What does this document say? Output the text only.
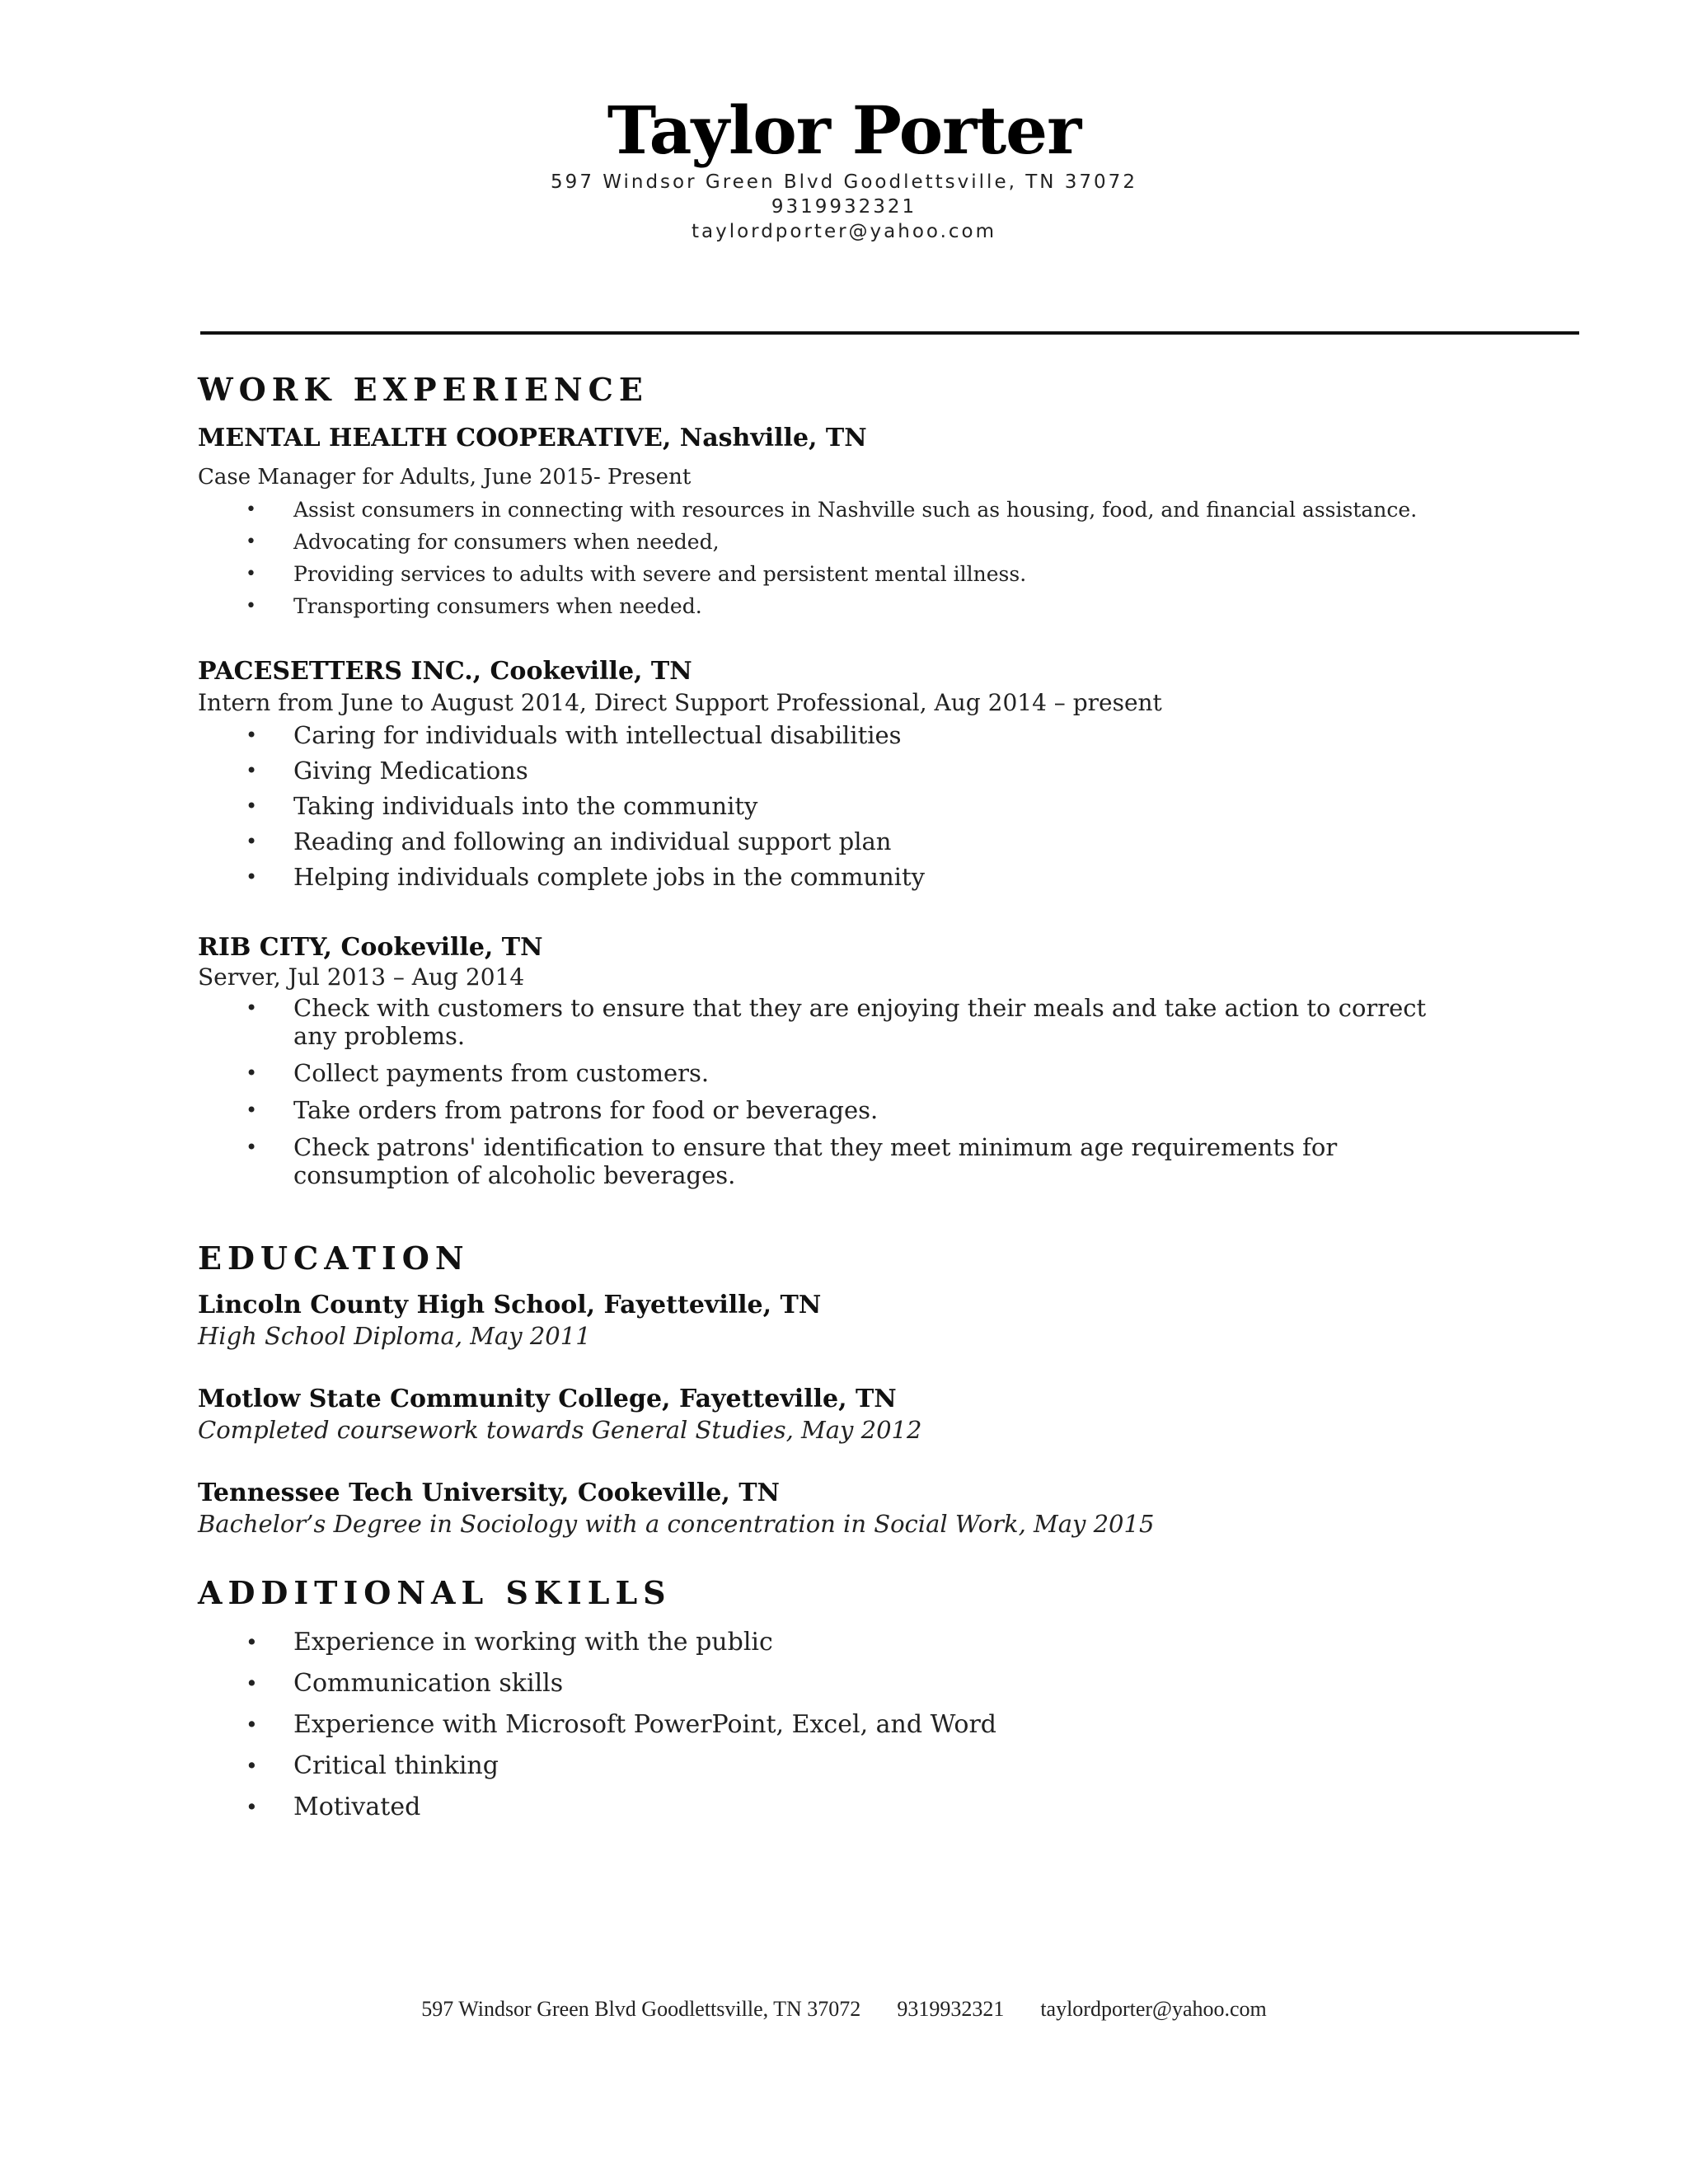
Taylor Porter
597 Windsor Green Blvd Goodlettsville, TN 37072
9319932321
taylordporter@yahoo.com
WORK EXPERIENCE
MENTAL HEALTH COOPERATIVE, Nashville, TN
Case Manager for Adults, June 2015- Present
• Assist consumers in connecting with resources in Nashville such as housing, food, and financial assistance.
• Advocating for consumers when needed,
• Providing services to adults with severe and persistent mental illness.
• Transporting consumers when needed.
PACESETTERS INC., Cookeville, TN
Intern from June to August 2014, Direct Support Professional, Aug 2014 – present
• Caring for individuals with intellectual disabilities
• Giving Medications
• Taking individuals into the community
• Reading and following an individual support plan
• Helping individuals complete jobs in the community
RIB CITY, Cookeville, TN
Server, Jul 2013 – Aug 2014
• Check with customers to ensure that they are enjoying their meals and take action to correct any problems.
• Collect payments from customers.
• Take orders from patrons for food or beverages.
• Check patrons' identification to ensure that they meet minimum age requirements for consumption of alcoholic beverages.
EDUCATION
Lincoln County High School, Fayetteville, TN
High School Diploma, May 2011
Motlow State Community College, Fayetteville, TN
Completed coursework towards General Studies, May 2012
Tennessee Tech University, Cookeville, TN
Bachelor’s Degree in Sociology with a concentration in Social Work, May 2015
ADDITIONAL SKILLS
• Experience in working with the public
• Communication skills
• Experience with Microsoft PowerPoint, Excel, and Word
• Critical thinking
• Motivated
597 Windsor Green Blvd Goodlettsville, TN 37072 9319932321 taylordporter@yahoo.com
